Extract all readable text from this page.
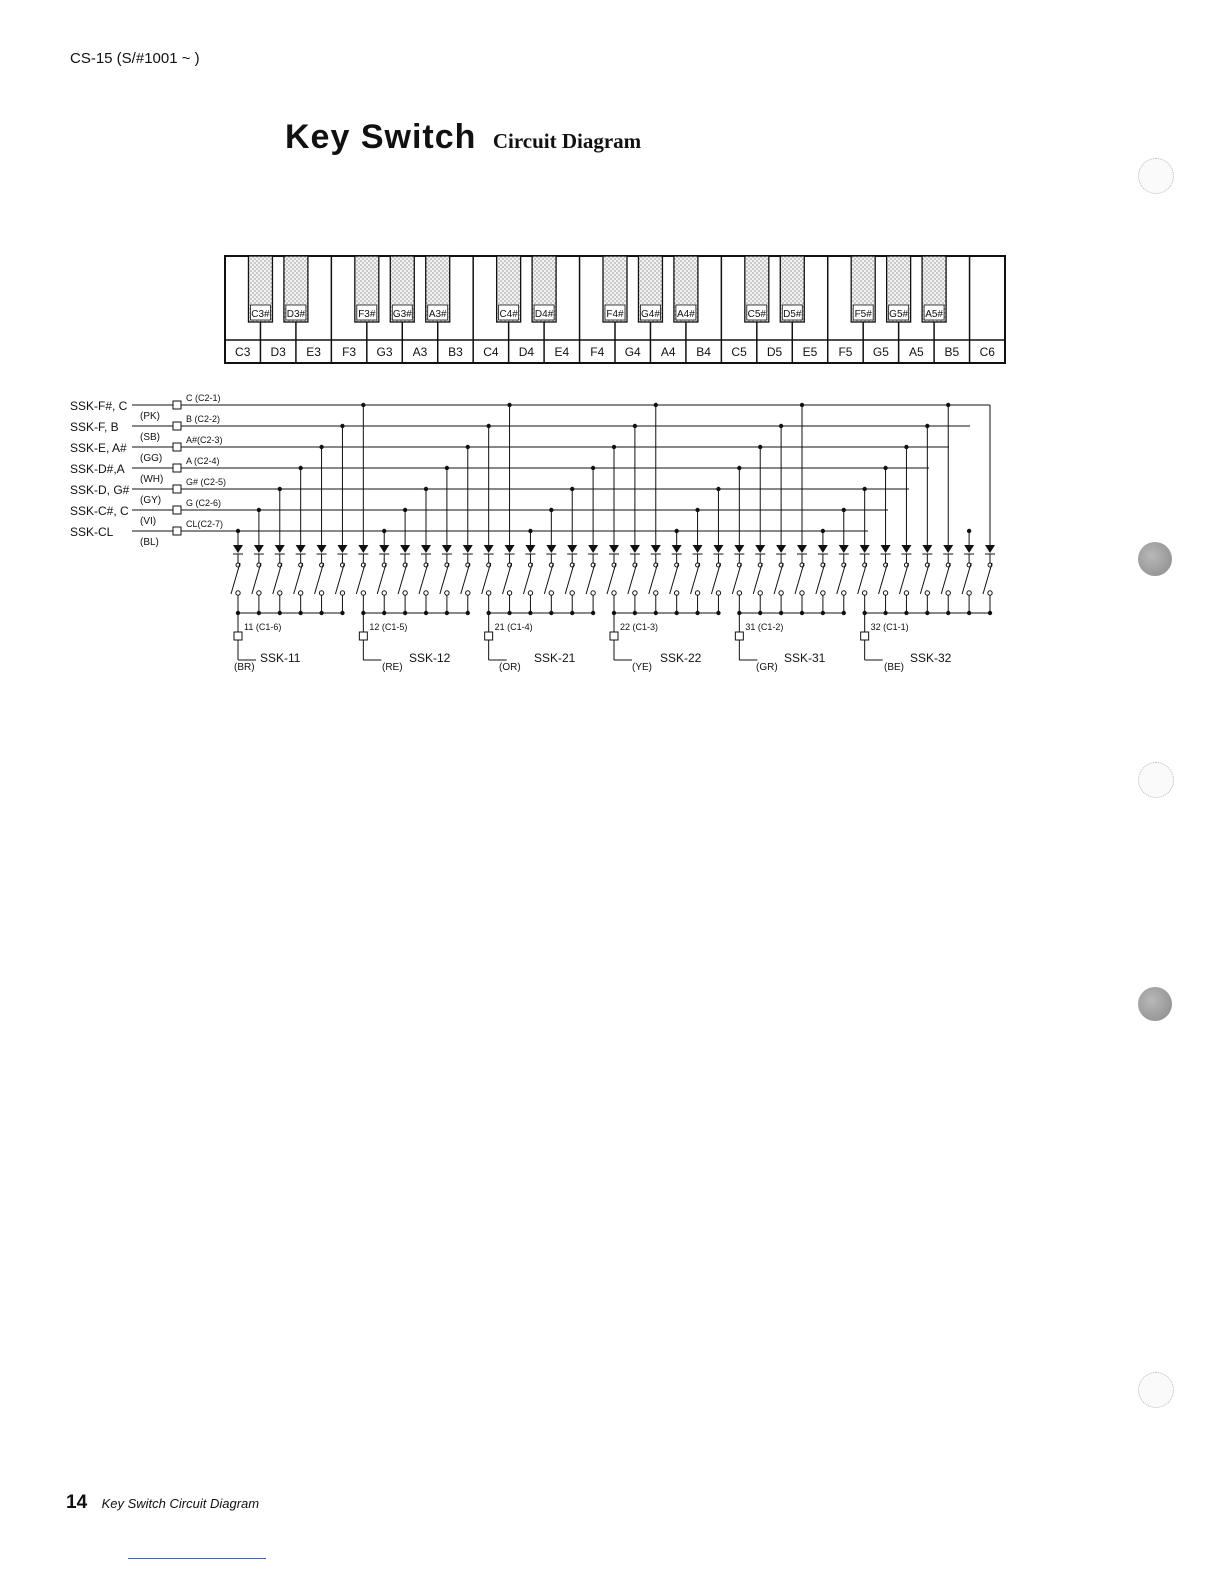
CS-15 (S/#1001 ~ )
Key Switch Circuit Diagram
C3 D3 E3 F3 G3 A3 B3 C4 D4 E4 F4 G4 A4 B4 C5 D5 E5 F5 G5 A5 B5 C6
C3# D3#	F3# G3# A3#	C4# D4#	F4# G4# A4#	C5# D5#	F5# G5# A5#
SSK-F#, C
C (C2-1)
(PK)
SSK-F, B
B (C2-2)
(SB)
SSK-E, A#
A#(C2-3)
(GG)
SSK-D#,A
A (C2-4)
(WH)
SSK-D, G#
G# (C2-5)
(GY)
SSK-C#, C
G (C2-6)
(VI)
SSK-CL
CL(C2-7)
(BL)
11 (C1-6)
SSK-11
(BR)
12 (C1-5)
SSK-12
(RE)
21 (C1-4)
SSK-21
(OR)
22 (C1-3)
SSK-22
(YE)
31 (C1-2)
SSK-31
(GR)
32 (C1-1)
SSK-32
(BE)
14 Key Switch Circuit Diagram
